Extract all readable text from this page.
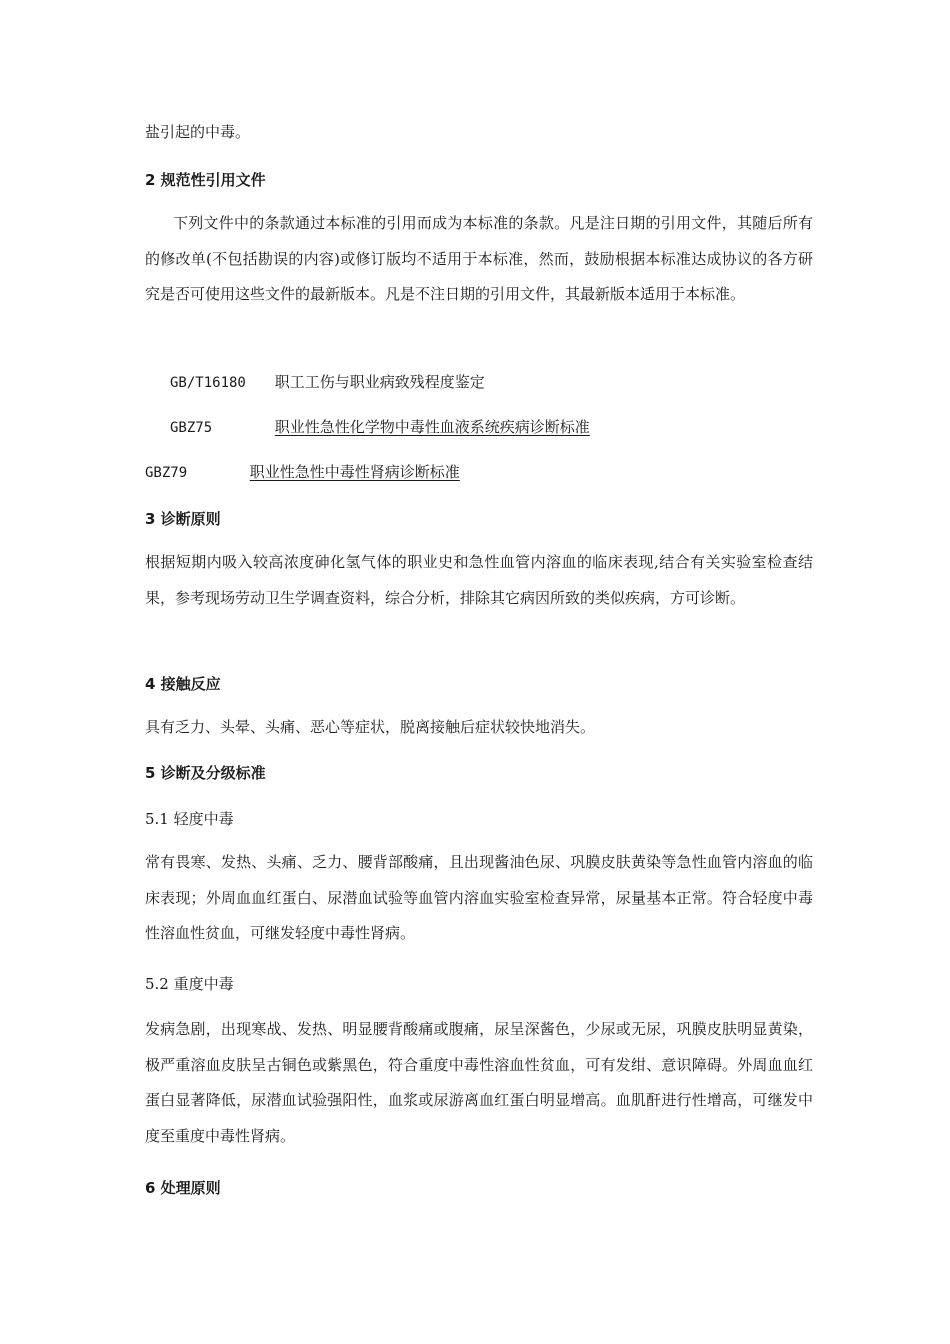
盐引起的中毒。
2 规范性引用文件
下列文件中的条款通过本标准的引用而成为本标准的条款。凡是注日期的引用文件，其随后所有的修改单(不包括勘误的内容)或修订版均不适用于本标准，然而，鼓励根据本标准达成协议的各方研究是否可使用这些文件的最新版本。凡是不注日期的引用文件，其最新版本适用于本标准。
GB/T16180 职工工伤与职业病致残程度鉴定
GBZ75	职业性急性化学物中毒性血液系统疾病诊断标准
GBZ79	职业性急性中毒性肾病诊断标准
3 诊断原则
根据短期内吸入较高浓度砷化氢气体的职业史和急性血管内溶血的临床表现,结合有关实验室检查结果，参考现场劳动卫生学调查资料，综合分析，排除其它病因所致的类似疾病，方可诊断。
4 接触反应
具有乏力、头晕、头痛、恶心等症状，脱离接触后症状较快地消失。
5 诊断及分级标准
5.1 轻度中毒
常有畏寒、发热、头痛、乏力、腰背部酸痛，且出现酱油色尿、巩膜皮肤黄染等急性血管内溶血的临床表现；外周血血红蛋白、尿潜血试验等血管内溶血实验室检查异常，尿量基本正常。符合轻度中毒性溶血性贫血，可继发轻度中毒性肾病。
5.2 重度中毒
发病急剧，出现寒战、发热、明显腰背酸痛或腹痛，尿呈深酱色，少尿或无尿，巩膜皮肤明显黄染，极严重溶血皮肤呈古铜色或紫黑色，符合重度中毒性溶血性贫血，可有发绀、意识障碍。外周血血红蛋白显著降低，尿潜血试验强阳性，血浆或尿游离血红蛋白明显增高。血肌酐进行性增高，可继发中度至重度中毒性肾病。
6 处理原则
